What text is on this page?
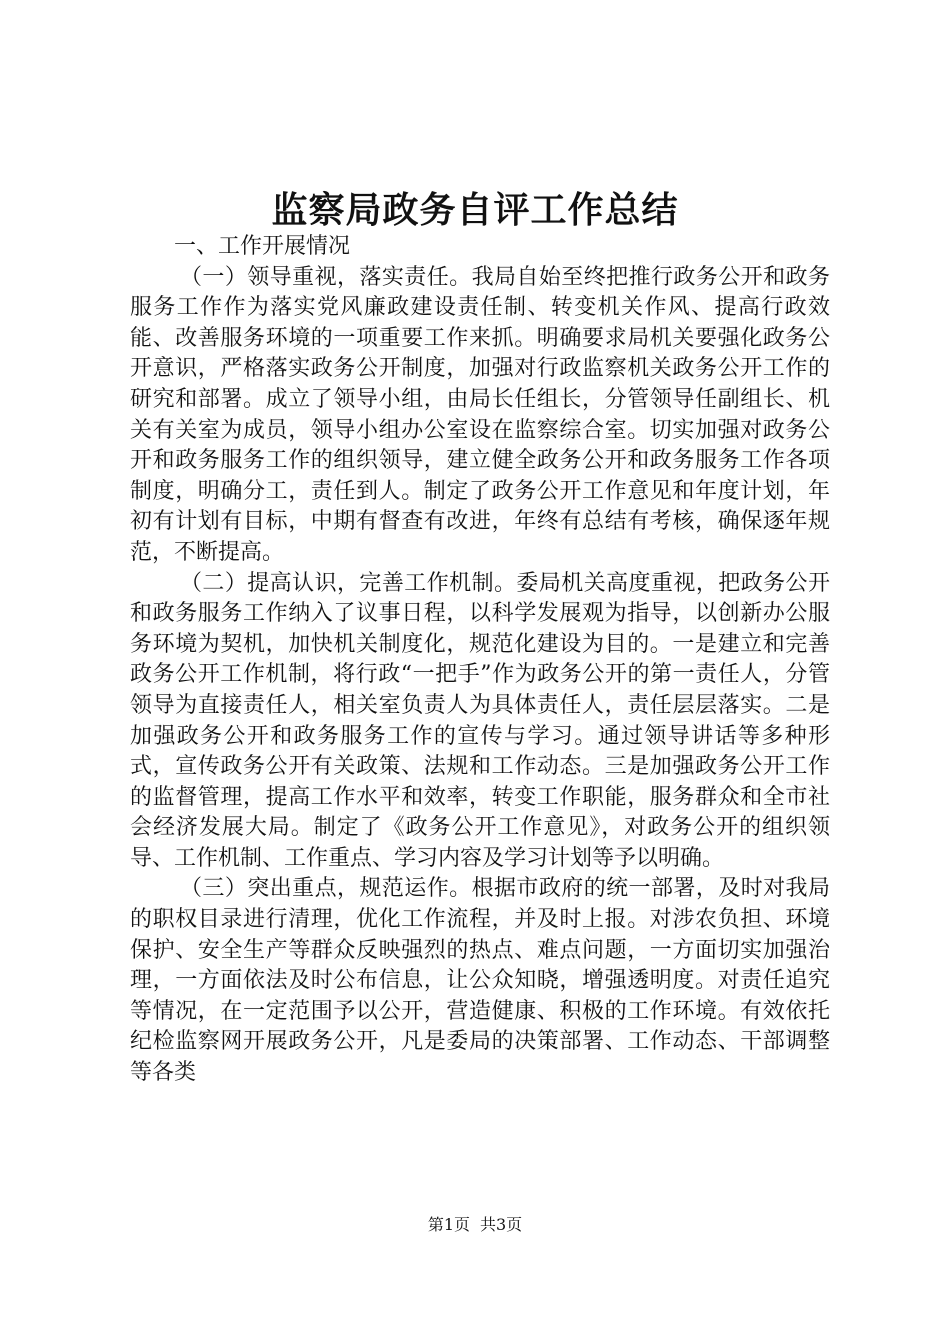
监察局政务自评工作总结

一、工作开展情况

（一）领导重视，落实责任。我局自始至终把推行政务公开和政务服务工作作为落实党风廉政建设责任制、转变机关作风、提高行政效能、改善服务环境的一项重要工作来抓。明确要求局机关要强化政务公开意识，严格落实政务公开制度，加强对行政监察机关政务公开工作的研究和部署。成立了领导小组，由局长任组长，分管领导任副组长、机关有关室为成员，领导小组办公室设在监察综合室。切实加强对政务公开和政务服务工作的组织领导，建立健全政务公开和政务服务工作各项制度，明确分工，责任到人。制定了政务公开工作意见和年度计划，年初有计划有目标，中期有督查有改进，年终有总结有考核，确保逐年规范，不断提高。

（二）提高认识，完善工作机制。委局机关高度重视，把政务公开和政务服务工作纳入了议事日程，以科学发展观为指导，以创新办公服务环境为契机，加快机关制度化，规范化建设为目的。一是建立和完善政务公开工作机制，将行政“一把手”作为政务公开的第一责任人，分管领导为直接责任人，相关室负责人为具体责任人，责任层层落实。二是加强政务公开和政务服务工作的宣传与学习。通过领导讲话等多种形式，宣传政务公开有关政策、法规和工作动态。三是加强政务公开工作的监督管理，提高工作水平和效率，转变工作职能，服务群众和全市社会经济发展大局。制定了《政务公开工作意见》，对政务公开的组织领导、工作机制、工作重点、学习内容及学习计划等予以明确。

（三）突出重点，规范运作。根据市政府的统一部署，及时对我局的职权目录进行清理，优化工作流程，并及时上报。对涉农负担、环境保护、安全生产等群众反映强烈的热点、难点问题，一方面切实加强治理，一方面依法及时公布信息，让公众知晓，增强透明度。对责任追究等情况，在一定范围予以公开，营造健康、积极的工作环境。有效依托纪检监察网开展政务公开，凡是委局的决策部署、工作动态、干部调整等各类

第1页 共3页
